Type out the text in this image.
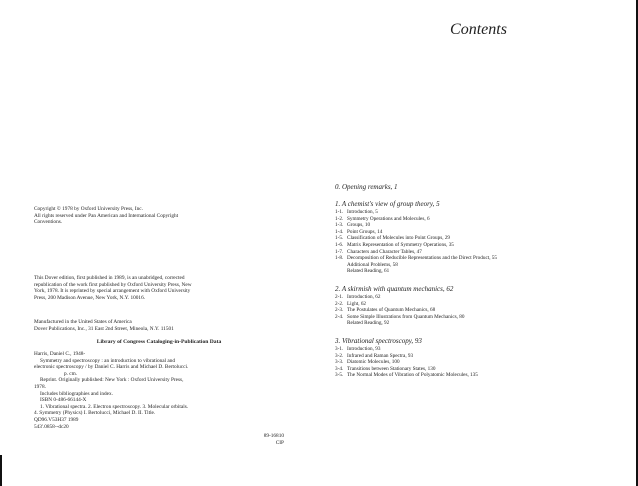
Copyright © 1978 by Oxford University Press, Inc.

All rights reserved under Pan American and International Copyright

Conventions.

This Dover edition, first published in 1989, is an unabridged, corrected

republication of the work first published by Oxford University Press, New

York, 1978. It is reprinted by special arrangement with Oxford University

Press, 200 Madison Avenue, New York, N.Y. 10016.

Manufactured in the United States of America

Dover Publications, Inc., 31 East 2nd Street, Mineola, N.Y. 11501

Library of Congress Cataloging-in-Publication Data

Harris, Daniel C., 1948-

Symmetry and spectroscopy : an introduction to vibrational and

electronic spectroscopy / by Daniel C. Harris and Michael D. Bertolucci.

p. cm.

Reprint. Originally published: New York : Oxford University Press,

1978.

Includes bibliographies and index.

ISBN 0-486-66144-X

1. Vibrational spectra. 2. Electron spectroscopy. 3. Molecular orbitals.

4. Symmetry (Physics) I. Bertolucci, Michael D. II. Title.

QD96.V53H37 1989

543'.0858--dc20

89-16810

CIP

Contents

0. Opening remarks, 1

1. A chemist's view of group theory, 5

1-1. Introduction, 5
1-2. Symmetry Operations and Molecules, 6
1-3. Groups, 10
1-4. Point Groups, 14
1-5. Classification of Molecules into Point Groups, 29
1-6. Matrix Representation of Symmetry Operations, 35
1-7. Characters and Character Tables, 47
1-8. Decomposition of Reducible Representations and the Direct Product, 55
Additional Problems, 58
Related Reading, 61

2. A skirmish with quantum mechanics, 62

2-1. Introduction, 62
2-2. Light, 62
2-3. The Postulates of Quantum Mechanics, 68
2-4. Some Simple Illustrations from Quantum Mechanics, 80
Related Reading, 92

3. Vibrational spectroscopy, 93

3-1. Introduction, 93
3-2. Infrared and Raman Spectra, 93
3-3. Diatomic Molecules, 100
3-4. Transitions between Stationary States, 130
3-5. The Normal Modes of Vibration of Polyatomic Molecules, 135
